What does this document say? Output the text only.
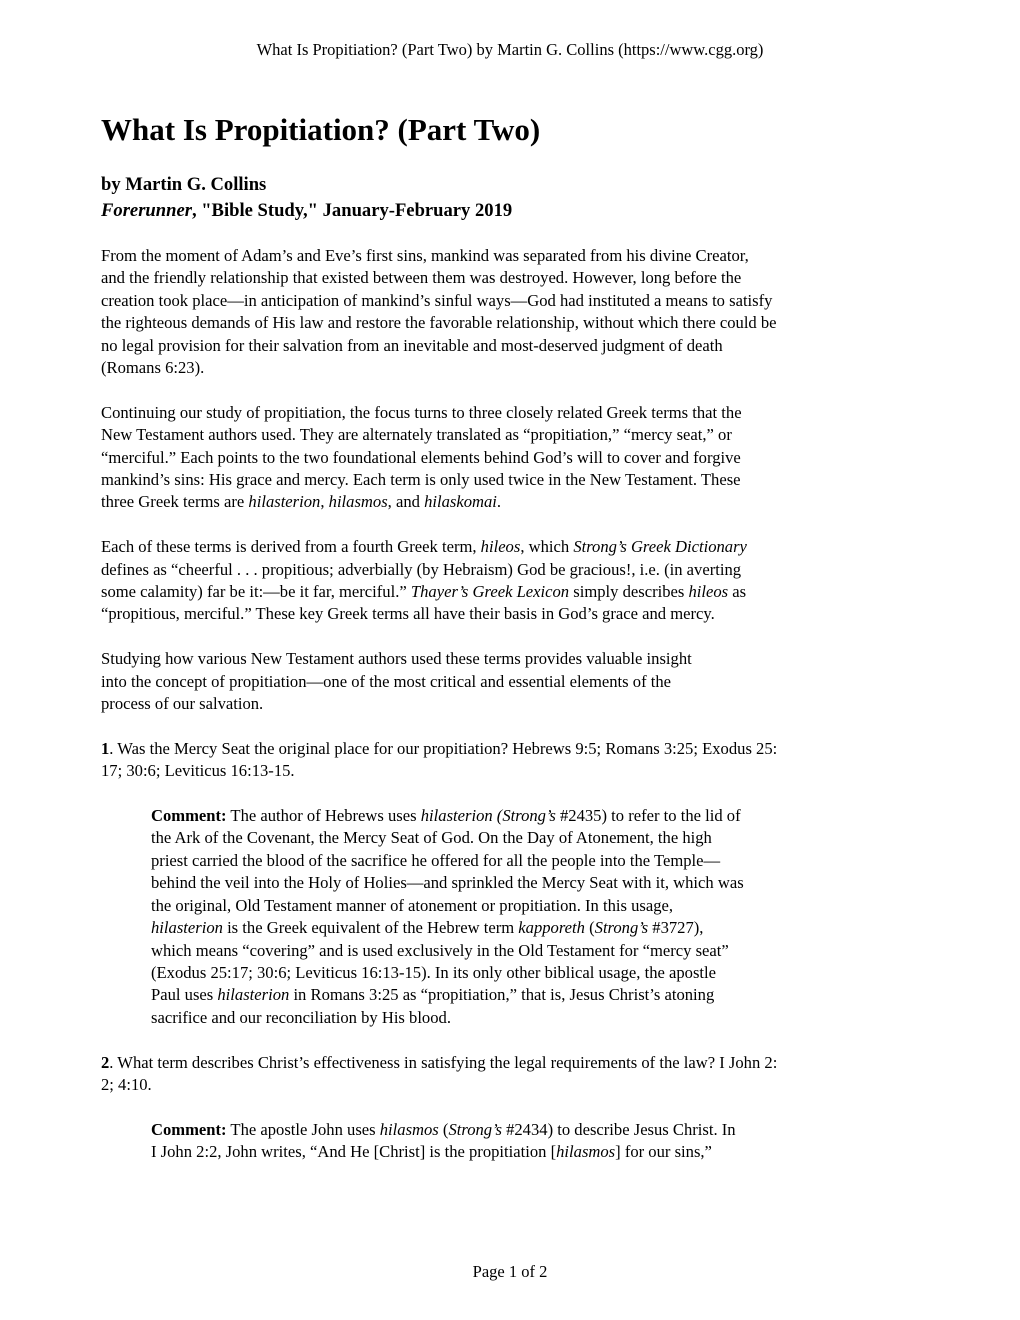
What Is Propitiation? (Part Two) by Martin G. Collins (https://www.cgg.org)
What Is Propitiation? (Part Two)
by Martin G. Collins
Forerunner, "Bible Study," January-February 2019

From the moment of Adam’s and Eve’s first sins, mankind was separated from his divine Creator,
and the friendly relationship that existed between them was destroyed. However, long before the
creation took place—in anticipation of mankind’s sinful ways—God had instituted a means to satisfy
the righteous demands of His law and restore the favorable relationship, without which there could be
no legal provision for their salvation from an inevitable and most-deserved judgment of death
(Romans 6:23).

Continuing our study of propitiation, the focus turns to three closely related Greek terms that the
New Testament authors used. They are alternately translated as “propitiation,” “mercy seat,” or
“merciful.” Each points to the two foundational elements behind God’s will to cover and forgive
mankind’s sins: His grace and mercy. Each term is only used twice in the New Testament. These
three Greek terms are hilasterion, hilasmos, and hilaskomai.

Each of these terms is derived from a fourth Greek term, hileos, which Strong’s Greek Dictionary
defines as “cheerful . . . propitious; adverbially (by Hebraism) God be gracious!, i.e. (in averting
some calamity) far be it:—be it far, merciful.” Thayer’s Greek Lexicon simply describes hileos as
“propitious, merciful.” These key Greek terms all have their basis in God’s grace and mercy.

Studying how various New Testament authors used these terms provides valuable insight
into the concept of propitiation—one of the most critical and essential elements of the
process of our salvation.

1. Was the Mercy Seat the original place for our propitiation? Hebrews 9:5; Romans 3:25; Exodus 25:
17; 30:6; Leviticus 16:13-15.

Comment: The author of Hebrews uses hilasterion (Strong’s #2435) to refer to the lid of
the Ark of the Covenant, the Mercy Seat of God. On the Day of Atonement, the high
priest carried the blood of the sacrifice he offered for all the people into the Temple—
behind the veil into the Holy of Holies—and sprinkled the Mercy Seat with it, which was
the original, Old Testament manner of atonement or propitiation. In this usage,
hilasterion is the Greek equivalent of the Hebrew term kapporeth (Strong’s #3727),
which means “covering” and is used exclusively in the Old Testament for “mercy seat”
(Exodus 25:17; 30:6; Leviticus 16:13-15). In its only other biblical usage, the apostle
Paul uses hilasterion in Romans 3:25 as “propitiation,” that is, Jesus Christ’s atoning
sacrifice and our reconciliation by His blood.

2. What term describes Christ’s effectiveness in satisfying the legal requirements of the law? I John 2:
2; 4:10.

Comment: The apostle John uses hilasmos (Strong’s #2434) to describe Jesus Christ. In
I John 2:2, John writes, “And He [Christ] is the propitiation [hilasmos] for our sins,”

Page 1 of 2
